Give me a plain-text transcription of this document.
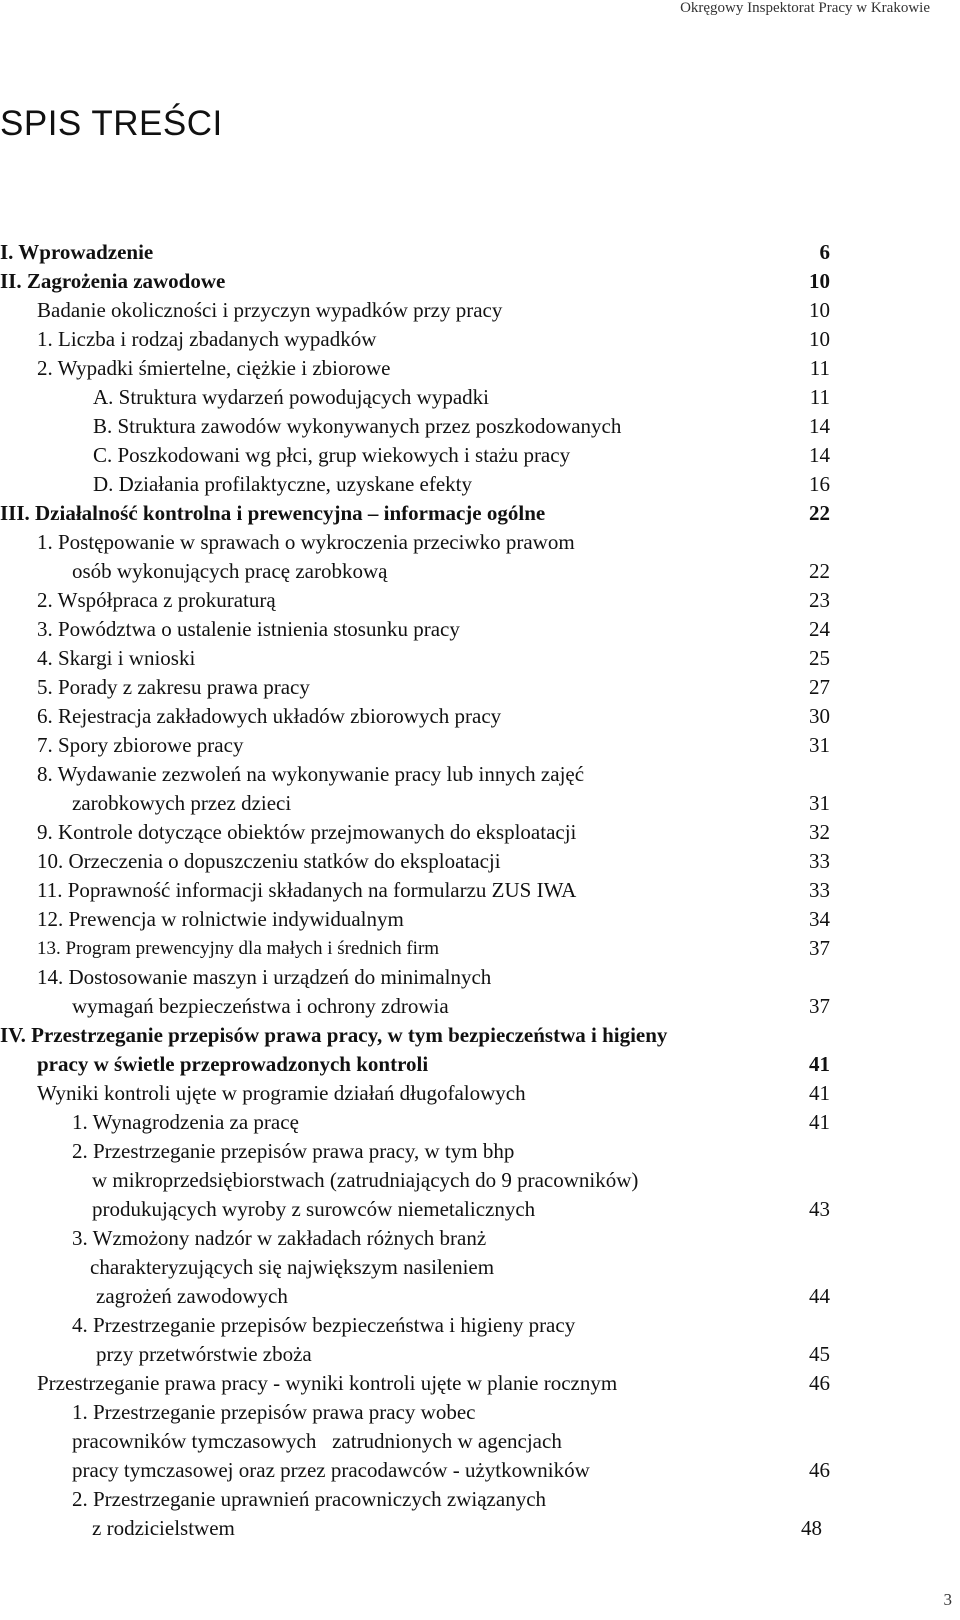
Okręgowy Inspektorat Pracy w Krakowie
SPIS TREŚCI
I. Wprowadzenie	6
II. Zagrożenia zawodowe	10
Badanie okoliczności i przyczyn wypadków przy pracy	10
1. Liczba i rodzaj zbadanych wypadków	10
2. Wypadki śmiertelne, ciężkie i zbiorowe	11
A. Struktura wydarzeń powodujących wypadki	11
B. Struktura zawodów wykonywanych przez poszkodowanych	14
C. Poszkodowani wg płci, grup wiekowych i stażu pracy	14
D. Działania profilaktyczne, uzyskane efekty	16
III. Działalność kontrolna i prewencyjna – informacje ogólne	22
1. Postępowanie w sprawach o wykroczenia przeciwko prawom
osób wykonujących pracę zarobkową	22
2. Współpraca z prokuraturą	23
3. Powództwa o ustalenie istnienia stosunku pracy	24
4. Skargi i wnioski	25
5. Porady z zakresu prawa pracy	27
6. Rejestracja zakładowych układów zbiorowych pracy	30
7. Spory zbiorowe pracy	31
8. Wydawanie zezwoleń na wykonywanie pracy lub innych zajęć
zarobkowych przez dzieci	31
9. Kontrole dotyczące obiektów przejmowanych do eksploatacji	32
10. Orzeczenia o dopuszczeniu statków do eksploatacji	33
11. Poprawność informacji składanych na formularzu ZUS IWA	33
12. Prewencja w rolnictwie indywidualnym	34
13. Program prewencyjny dla małych i średnich firm	37
14. Dostosowanie maszyn i urządzeń do minimalnych
wymagań bezpieczeństwa i ochrony zdrowia	37
IV. Przestrzeganie przepisów prawa pracy, w tym bezpieczeństwa i higieny
pracy w świetle przeprowadzonych kontroli	41
Wyniki kontroli ujęte w programie działań długofalowych	41
1. Wynagrodzenia za pracę	41
2. Przestrzeganie przepisów prawa pracy, w tym bhp
w mikroprzedsiębiorstwach (zatrudniających do 9 pracowników)
produkujących wyroby z surowców niemetalicznych	43
3. Wzmożony nadzór w zakładach różnych branż
charakteryzujących się największym nasileniem
zagrożeń zawodowych	44
4. Przestrzeganie przepisów bezpieczeństwa i higieny pracy
przy przetwórstwie zboża	45
Przestrzeganie prawa pracy - wyniki kontroli ujęte w planie rocznym	46
1. Przestrzeganie przepisów prawa pracy wobec
pracowników tymczasowych   zatrudnionych w agencjach
pracy tymczasowej oraz przez pracodawców - użytkowników	46
2. Przestrzeganie uprawnień pracowniczych związanych
z rodzicielstwem	48
3
